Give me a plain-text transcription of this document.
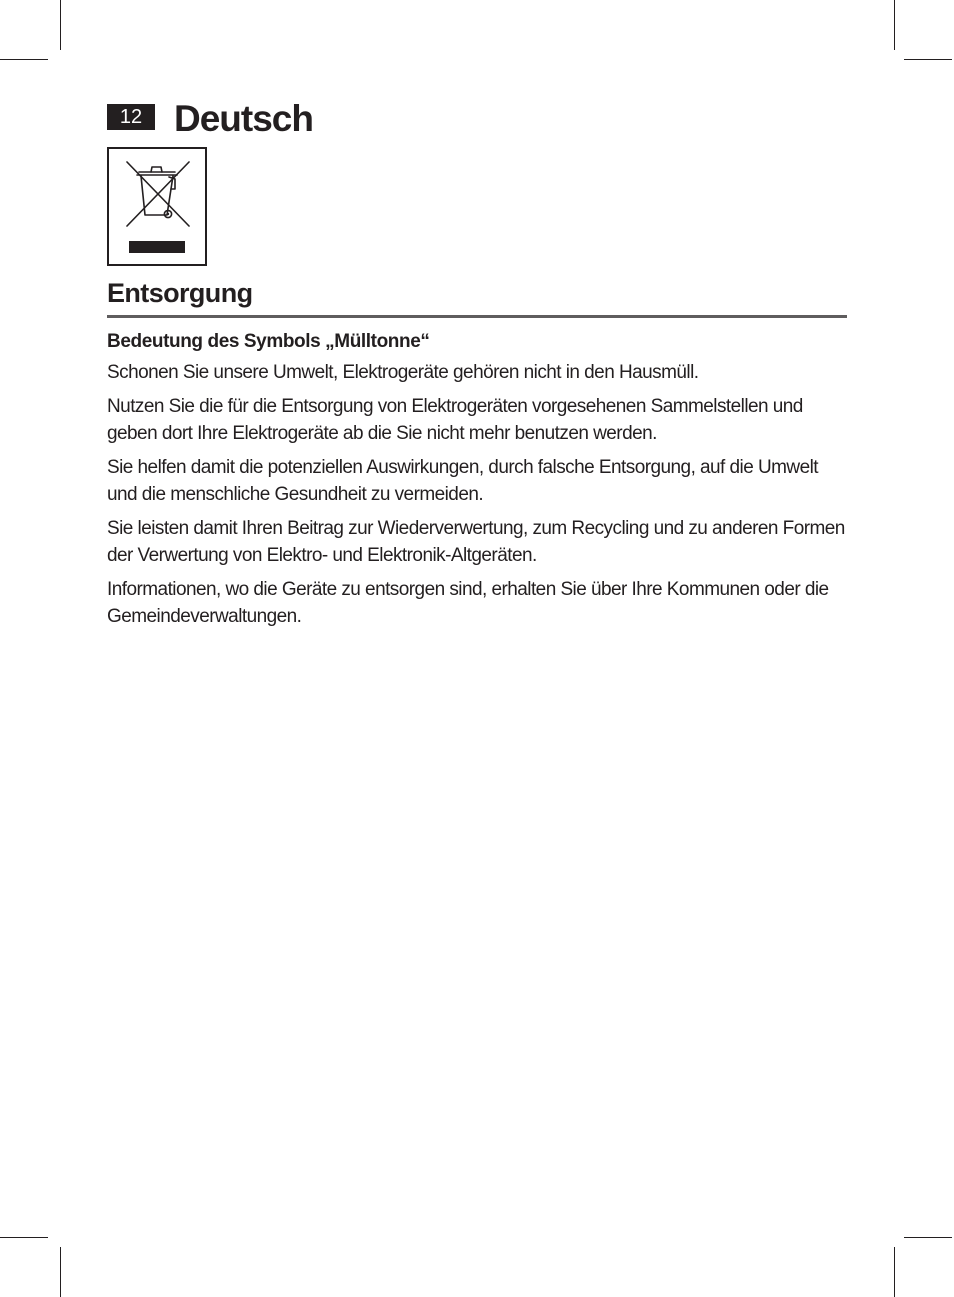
12 Deutsch
Entsorgung

Bedeutung des Symbols „Mülltonne“

Schonen Sie unsere Umwelt, Elektrogeräte gehören nicht in den Hausmüll.

Nutzen Sie die für die Entsorgung von Elektrogeräten vorgesehenen Sammelstellen und geben dort Ihre Elektrogeräte ab die Sie nicht mehr benutzen werden.

Sie helfen damit die potenziellen Auswirkungen, durch falsche Entsorgung, auf die Umwelt und die menschliche Gesundheit zu vermeiden.

Sie leisten damit Ihren Beitrag zur Wiederverwertung, zum Recycling und zu anderen Formen der Verwertung von Elektro- und Elektronik-Altgeräten.

Informationen, wo die Geräte zu entsorgen sind, erhalten Sie über Ihre Kommunen oder die Gemeindeverwaltungen.
